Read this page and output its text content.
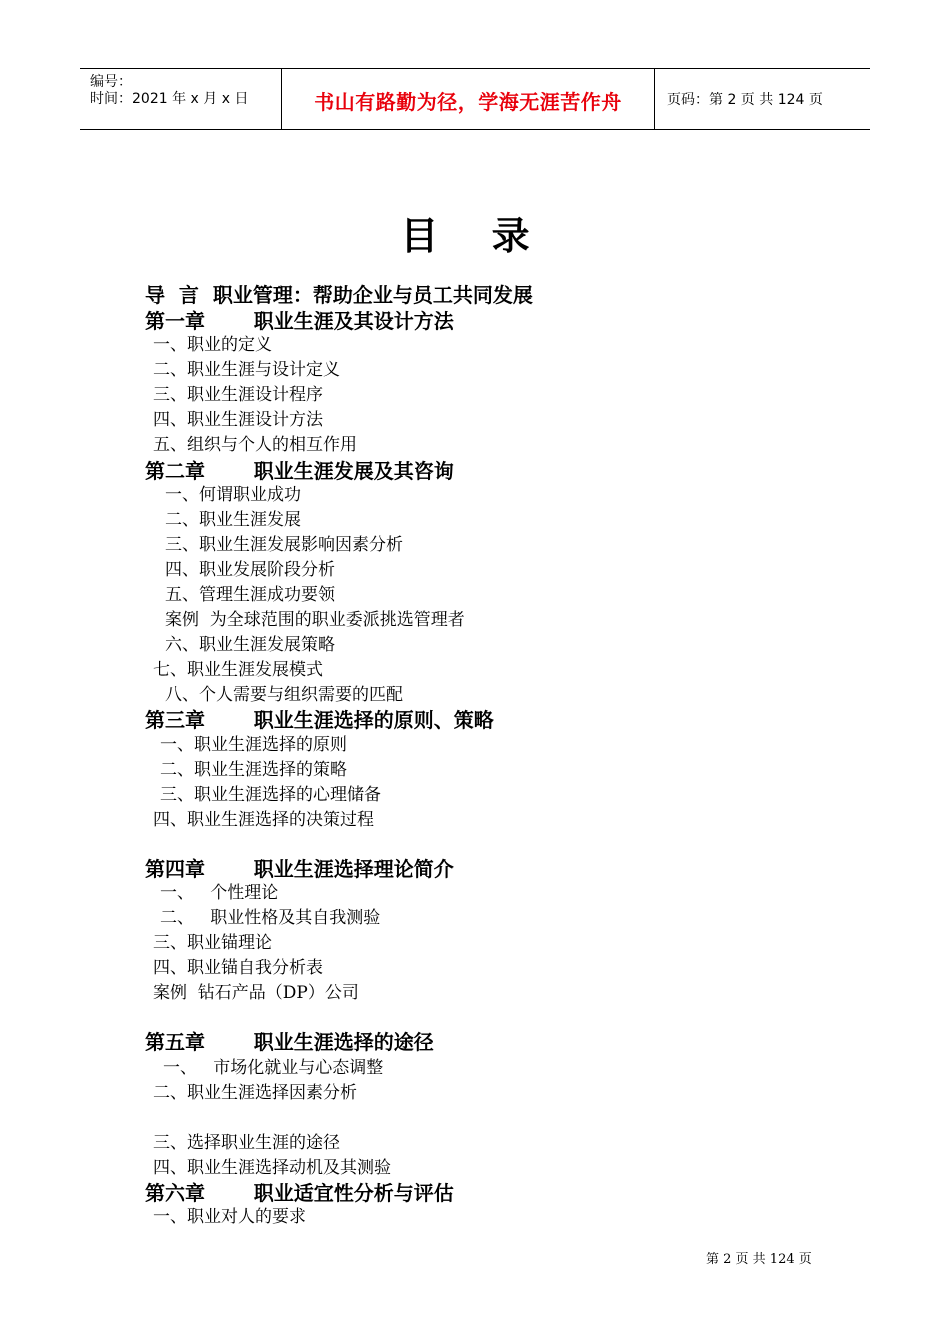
编号：
时间：2021 年 x 月 x 日	书山有路勤为径，学海无涯苦作舟	页码：第 2 页 共 124 页
目 录
导  言  职业管理：帮助企业与员工共同发展
第一章       职业生涯及其设计方法
一、职业的定义
二、职业生涯与设计定义
三、职业生涯设计程序
四、职业生涯设计方法
五、组织与个人的相互作用
第二章       职业生涯发展及其咨询
一、何谓职业成功
二、职业生涯发展
三、职业生涯发展影响因素分析
四、职业发展阶段分析
五、管理生涯成功要领
案例  为全球范围的职业委派挑选管理者
六、职业生涯发展策略
七、职业生涯发展模式
八、个人需要与组织需要的匹配
第三章       职业生涯选择的原则、策略
一、职业生涯选择的原则
二、职业生涯选择的策略
三、职业生涯选择的心理储备
四、职业生涯选择的决策过程
第四章       职业生涯选择理论简介
一、   个性理论
二、   职业性格及其自我测验
三、职业锚理论
四、职业锚自我分析表
案例  钻石产品（DP）公司
第五章       职业生涯选择的途径
一、   市场化就业与心态调整
二、职业生涯选择因素分析
三、选择职业生涯的途径
四、职业生涯选择动机及其测验
第六章       职业适宜性分析与评估
一、职业对人的要求
第 2 页 共 124 页
